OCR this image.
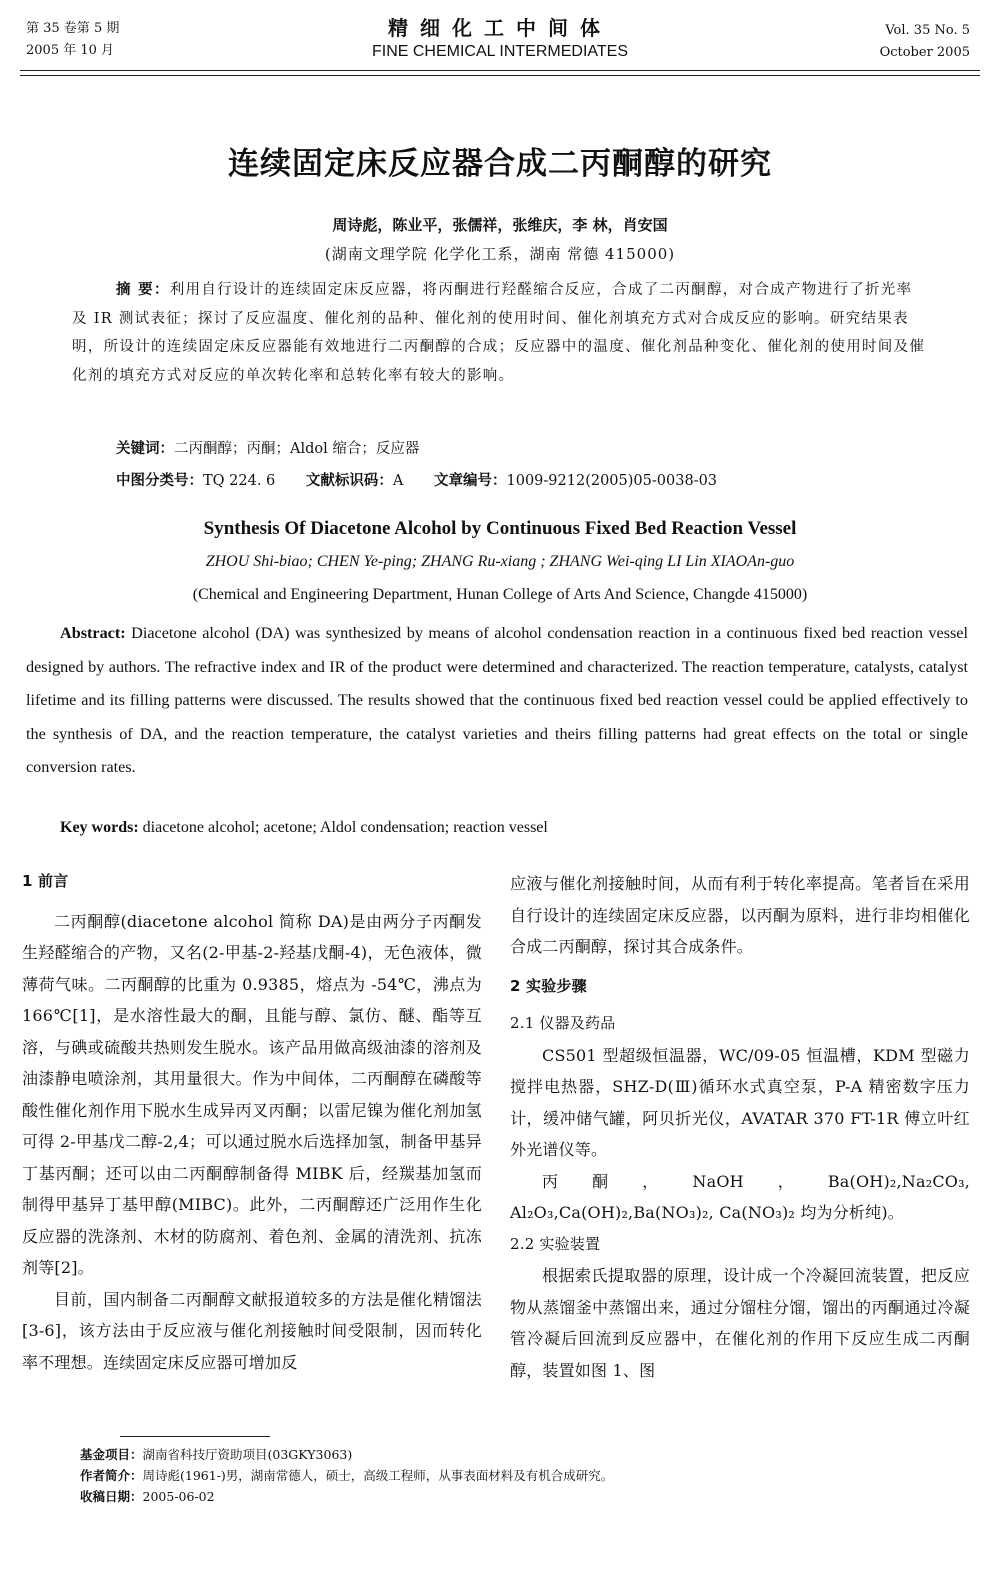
第 35 卷第 5 期
2005 年 10 月
精细化工中间体
FINE CHEMICAL INTERMEDIATES
Vol. 35 No. 5
October 2005
连续固定床反应器合成二丙酮醇的研究
周诗彪，陈业平，张儒祥，张维庆，李 林，肖安国
(湖南文理学院 化学化工系，湖南 常德 415000)
摘 要：利用自行设计的连续固定床反应器，将丙酮进行羟醛缩合反应，合成了二丙酮醇，对合成产物进行了折光率及 IR 测试表征；探讨了反应温度、催化剂的品种、催化剂的使用时间、催化剂填充方式对合成反应的影响。研究结果表明，所设计的连续固定床反应器能有效地进行二丙酮醇的合成；反应器中的温度、催化剂品种变化、催化剂的使用时间及催化剂的填充方式对反应的单次转化率和总转化率有较大的影响。
关键词：二丙酮醇；丙酮；Aldol 缩合；反应器
中图分类号：TQ 224. 6 文献标识码：A 文章编号：1009-9212(2005)05-0038-03
Synthesis Of Diacetone Alcohol by Continuous Fixed Bed Reaction Vessel
ZHOU Shi-biao; CHEN Ye-ping; ZHANG Ru-xiang ; ZHANG Wei-qing LI Lin XIAOAn-guo
(Chemical and Engineering Department, Hunan College of Arts And Science, Changde 415000)
Abstract: Diacetone alcohol (DA) was synthesized by means of alcohol condensation reaction in a continuous fixed bed reaction vessel designed by authors. The refractive index and IR of the product were determined and characterized. The reaction temperature, catalysts, catalyst lifetime and its filling patterns were discussed. The results showed that the continuous fixed bed reaction vessel could be applied effectively to the synthesis of DA, and the reaction temperature, the catalyst varieties and theirs filling patterns had great effects on the total or single conversion rates.
Key words: diacetone alcohol; acetone; Aldol condensation; reaction vessel
1 前言

二丙酮醇(diacetone alcohol 简称 DA)是由两分子丙酮发生羟醛缩合的产物，又名(2-甲基-2-羟基戊酮-4)，无色液体，微薄荷气味。二丙酮醇的比重为 0.9385，熔点为 -54℃，沸点为 166℃[1]，是水溶性最大的酮，且能与醇、氯仿、醚、酯等互溶，与碘或硫酸共热则发生脱水。该产品用做高级油漆的溶剂及油漆静电喷涂剂，其用量很大。作为中间体，二丙酮醇在磷酸等酸性催化剂作用下脱水生成异丙叉丙酮；以雷尼镍为催化剂加氢可得 2-甲基戊二醇-2,4；可以通过脱水后选择加氢，制备甲基异丁基丙酮；还可以由二丙酮醇制备得 MIBK 后，经羰基加氢而制得甲基异丁基甲醇(MIBC)。此外，二丙酮醇还广泛用作生化反应器的洗涤剂、木材的防腐剂、着色剂、金属的清洗剂、抗冻剂等[2]。

目前，国内制备二丙酮醇文献报道较多的方法是催化精馏法[3-6]，该方法由于反应液与催化剂接触时间受限制，因而转化率不理想。连续固定床反应器可增加反

应液与催化剂接触时间，从而有利于转化率提高。笔者旨在采用自行设计的连续固定床反应器，以丙酮为原料，进行非均相催化合成二丙酮醇，探讨其合成条件。

2 实验步骤
2.1 仪器及药品

CS501 型超级恒温器，WC/09-05 恒温槽，KDM 型磁力搅拌电热器，SHZ-D(Ⅲ)循环水式真空泵，P-A 精密数字压力计，缓冲储气罐，阿贝折光仪，AVATAR 370 FT-1R 傅立叶红外光谱仪等。

丙酮，NaOH，Ba(OH)₂,Na₂CO₃, Al₂O₃,Ca(OH)₂,Ba(NO₃)₂, Ca(NO₃)₂ 均为分析纯)。

2.2 实验装置

根据索氏提取器的原理，设计成一个冷凝回流装置，把反应物从蒸馏釜中蒸馏出来，通过分馏柱分馏，馏出的丙酮通过冷凝管冷凝后回流到反应器中，在催化剂的作用下反应生成二丙酮醇，装置如图 1、图

基金项目：湖南省科技厅资助项目(03GKY3063)
作者简介：周诗彪(1961-)男，湖南常德人，硕士，高级工程师，从事表面材料及有机合成研究。
收稿日期：2005-06-02
